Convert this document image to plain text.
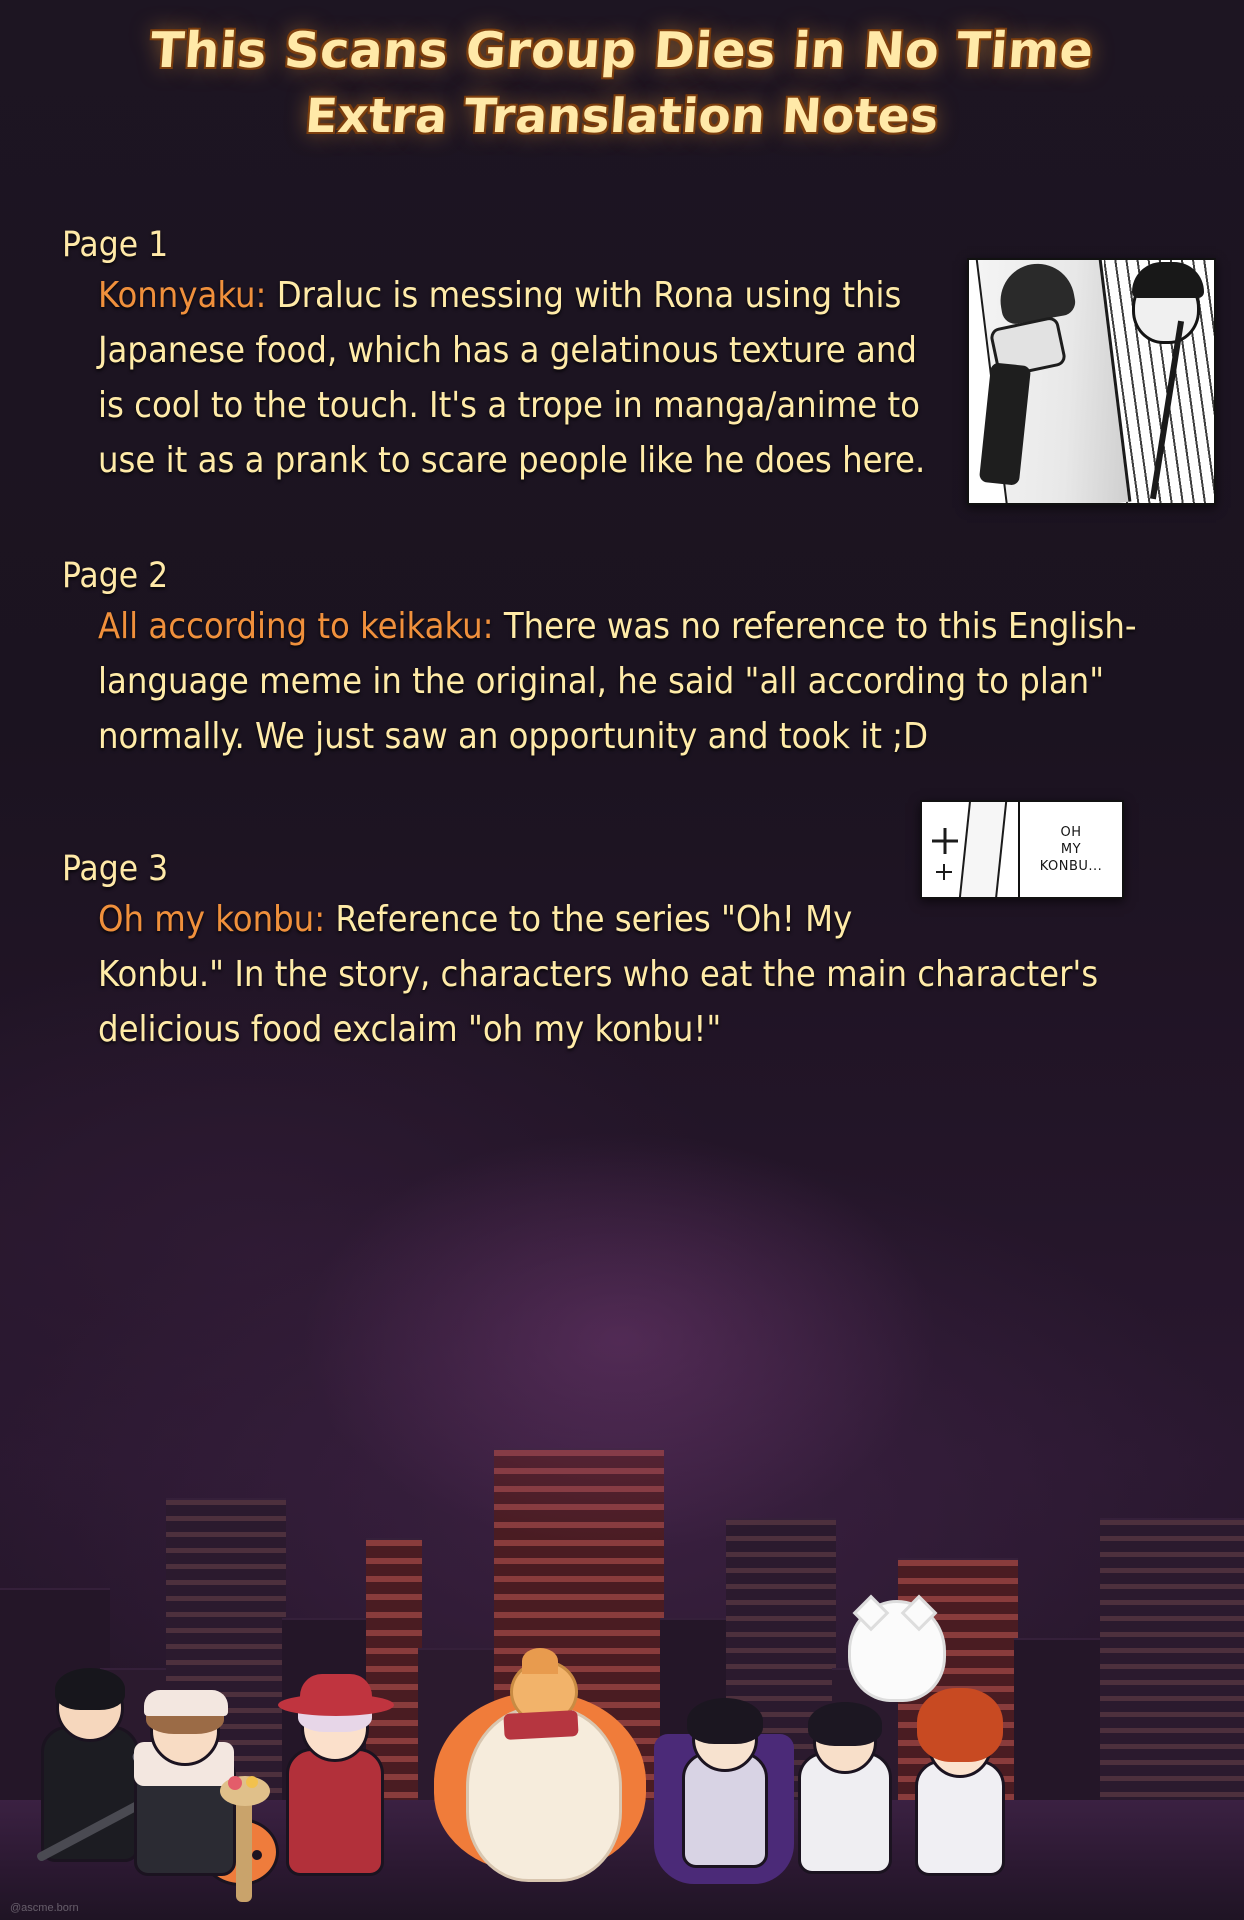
This Scans Group Dies in No Time
Extra Translation Notes
Page 1
Konnyaku: Draluc is messing with Rona using this Japanese food, which has a gelatinous texture and is cool to the touch. It's a trope in manga/anime to use it as a prank to scare people like he does here.
Page 2
All according to keikaku: There was no reference to this English-language meme in the original, he said "all according to plan" normally. We just saw an opportunity and took it ;D
OH
MY
KONBU...
Page 3
Oh my konbu: Reference to the series "Oh! My Konbu." In the story, characters who eat the main character's delicious food exclaim "oh my konbu!"
@ascme.born
